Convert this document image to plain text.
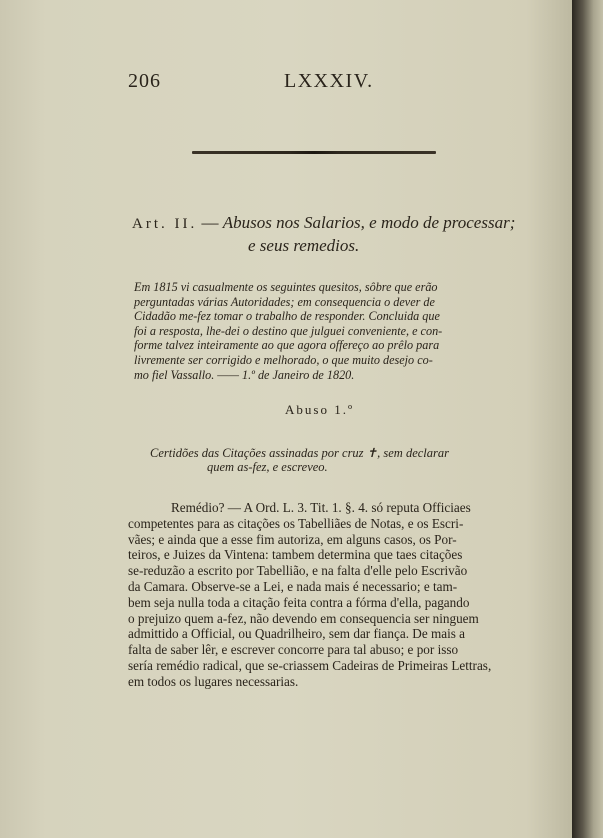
206	LXXXIV.
Art. II. — Abusos nos Salarios, e modo de processar;
e seus remedios.
Em 1815 vi casualmente os seguintes quesitos, sôbre que erão
perguntadas várias Autoridades; em consequencia o dever de
Cidadão me-fez tomar o trabalho de responder. Concluida que
foi a resposta, lhe-dei o destino que julguei conveniente, e con-
forme talvez inteiramente ao que agora offereço ao prêlo para
livremente ser corrigido e melhorado, o que muito desejo co-
mo fiel Vassallo. —— 1.º de Janeiro de 1820.
Abuso 1.º
Certidões das Citações assinadas por cruz ✝, sem declarar
quem as-fez, e escreveo.
Remédio? — A Ord. L. 3. Tit. 1. §. 4. só reputa Officiaes
competentes para as citações os Tabelliães de Notas, e os Escri-
vães; e ainda que a esse fim autoriza, em alguns casos, os Por-
teiros, e Juizes da Vintena: tambem determina que taes citações
se-reduzão a escrito por Tabellião, e na falta d'elle pelo Escrivão
da Camara. Observe-se a Lei, e nada mais é necessario; e tam-
bem seja nulla toda a citação feita contra a fórma d'ella, pagando
o prejuizo quem a-fez, não devendo em consequencia ser ninguem
admittido a Official, ou Quadrilheiro, sem dar fiança. De mais a
falta de saber lêr, e escrever concorre para tal abuso; e por isso
sería remédio radical, que se-criassem Cadeiras de Primeiras Lettras,
em todos os lugares necessarias.
